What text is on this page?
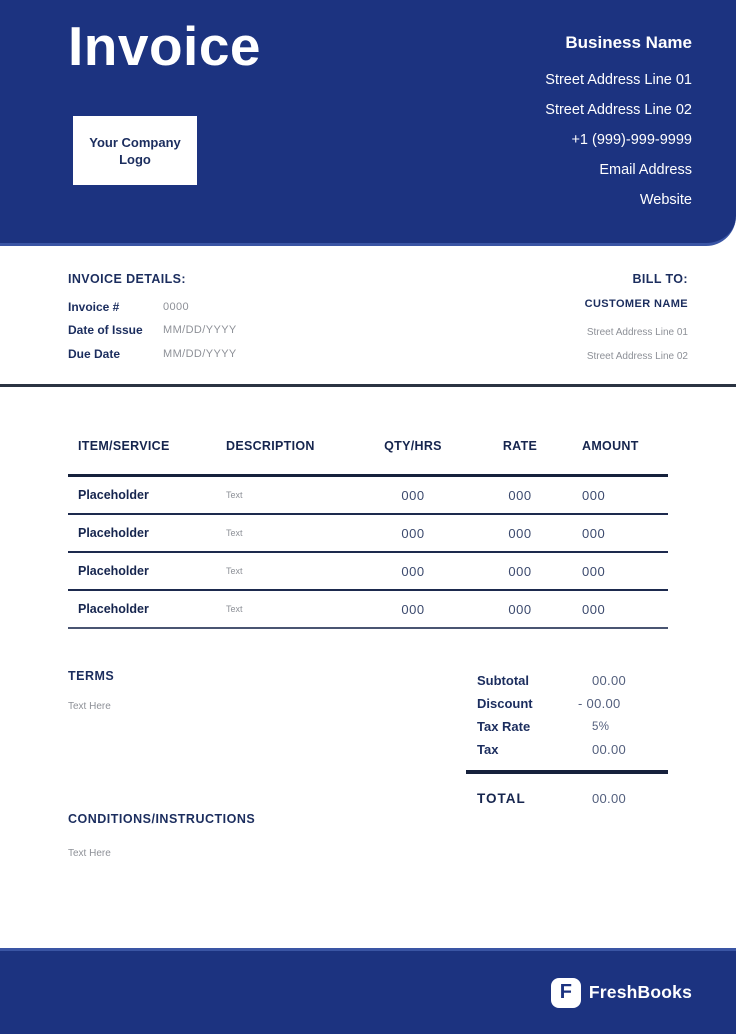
Invoice
Your Company Logo
Business Name
Street Address Line 01
Street Address Line 02
+1 (999)-999-9999
Email Address
Website
INVOICE DETAILS:
Invoice #	0000
Date of Issue	MM/DD/YYYY
Due Date	MM/DD/YYYY
BILL TO:
CUSTOMER NAME
Street Address Line 01
Street Address Line 02
ITEM/SERVICE	DESCRIPTION	QTY/HRS	RATE	AMOUNT
Placeholder	Text	000	000	000
Placeholder	Text	000	000	000
Placeholder	Text	000	000	000
Placeholder	Text	000	000	000
TERMS
Text Here
CONDITIONS/INSTRUCTIONS
Text Here
Subtotal	00.00
Discount	- 00.00
Tax Rate	5%
Tax	00.00
TOTAL	00.00
F FreshBooks
